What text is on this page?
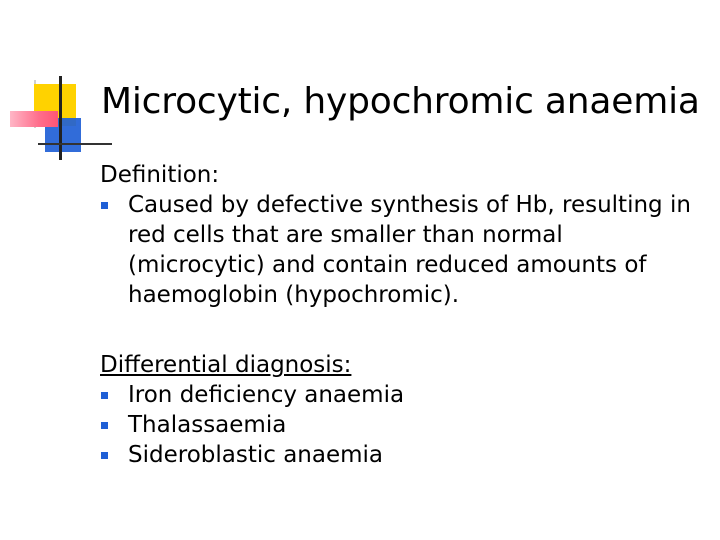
Microcytic, hypochromic anaemia
Definition:
Caused by defective synthesis of Hb, resulting in red cells that are smaller than normal (microcytic) and contain reduced amounts of haemoglobin (hypochromic).
Differential diagnosis:
Iron deficiency anaemia
Thalassaemia
Sideroblastic anaemia
